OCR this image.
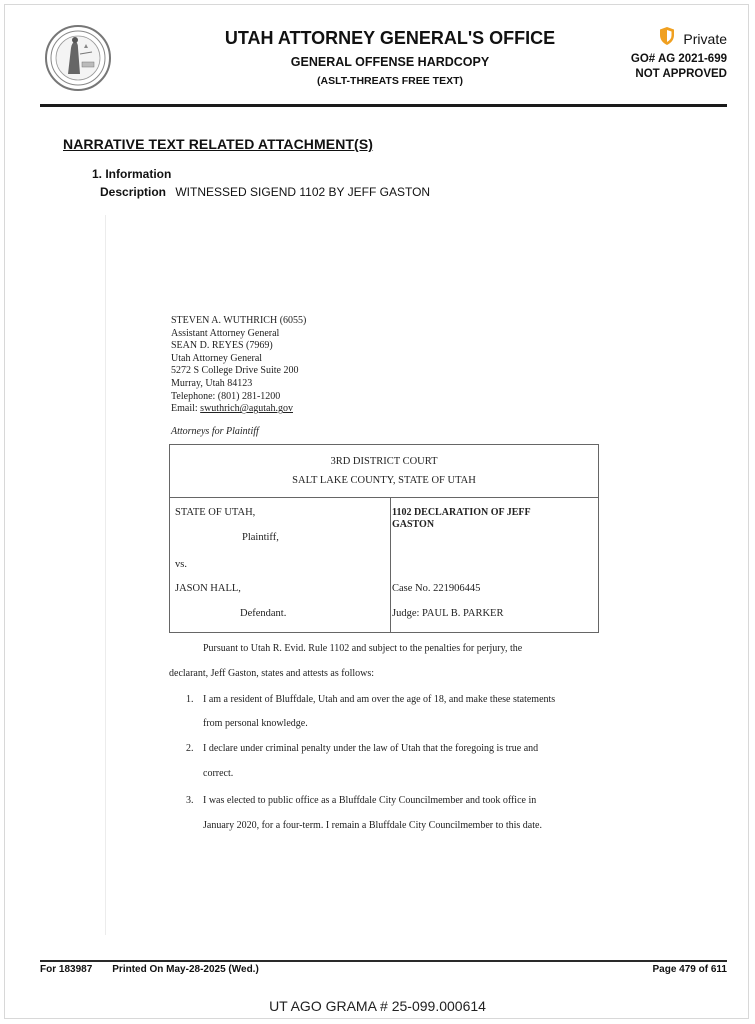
UTAH ATTORNEY GENERAL'S OFFICE
GENERAL OFFENSE HARDCOPY
(ASLT-THREATS FREE TEXT)
Private
GO# AG 2021-699
NOT APPROVED
NARRATIVE TEXT RELATED ATTACHMENT(S)
1. Information
Description WITNESSED SIGEND 1102 BY JEFF GASTON
STEVEN A. WUTHRICH (6055)
Assistant Attorney General
SEAN D. REYES (7969)
Utah Attorney General
5272 S College Drive Suite 200
Murray, Utah 84123
Telephone: (801) 281-1200
Email: swuthrich@agutah.gov
Attorneys for Plaintiff
3RD DISTRICT COURT
SALT LAKE COUNTY, STATE OF UTAH
STATE OF UTAH,
Plaintiff,
vs.
JASON HALL,
Defendant.
1102 DECLARATION OF JEFF GASTON
Case No. 221906445
Judge: PAUL B. PARKER
Pursuant to Utah R. Evid. Rule 1102 and subject to the penalties for perjury, the
declarant, Jeff Gaston, states and attests as follows:
1. I am a resident of Bluffdale, Utah and am over the age of 18, and make these statements
from personal knowledge.
2. I declare under criminal penalty under the law of Utah that the foregoing is true and
correct.
3. I was elected to public office as a Bluffdale City Councilmember and took office in
January 2020, for a four-term. I remain a Bluffdale City Councilmember to this date.
For 183987 Printed On May-28-2025 (Wed.)	Page 479 of 611
UT AGO GRAMA # 25-099.000614
